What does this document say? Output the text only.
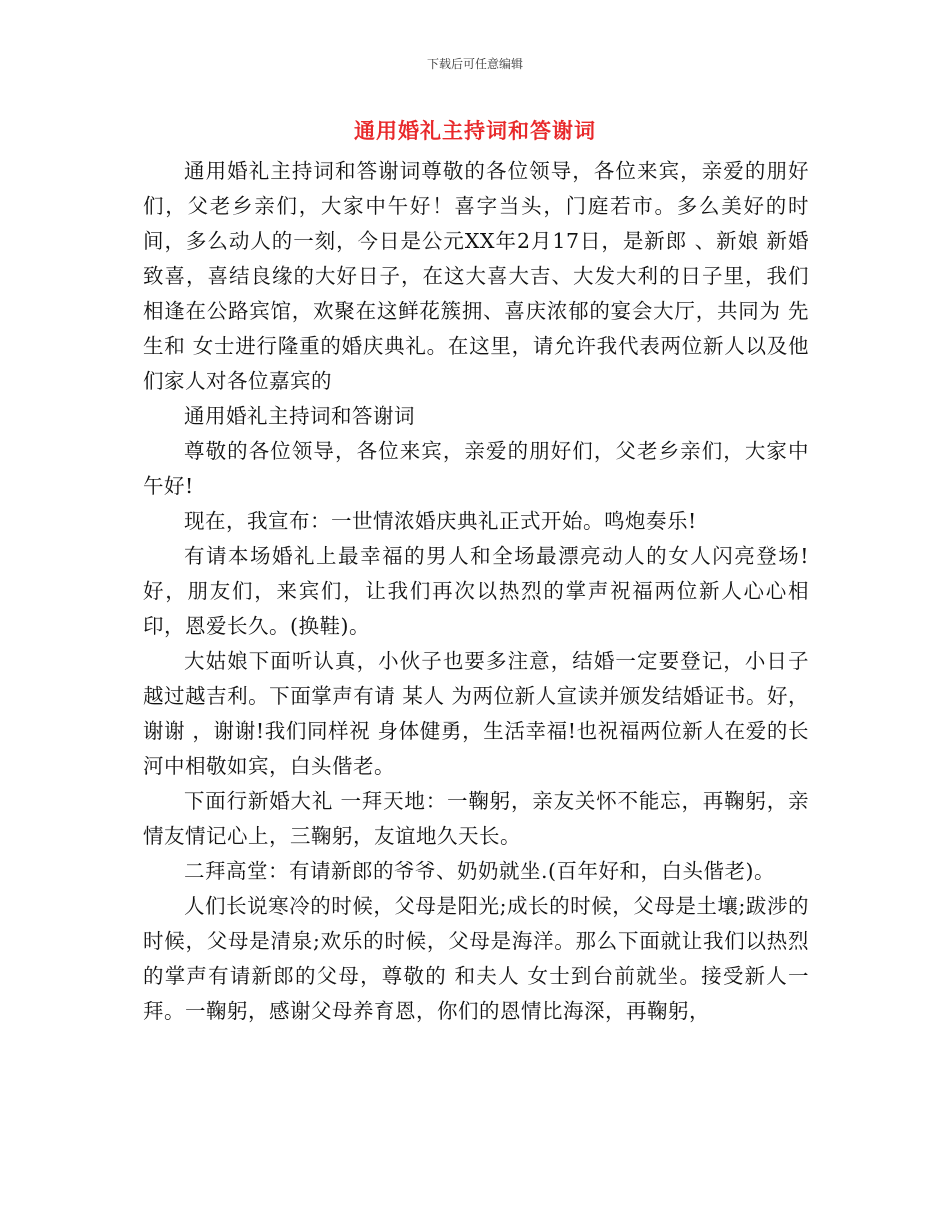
下载后可任意编辑
通用婚礼主持词和答谢词

通用婚礼主持词和答谢词尊敬的各位领导，各位来宾，亲爱的朋好们，父老乡亲们，大家中午好！喜字当头，门庭若市。多么美好的时间，多么动人的一刻，今日是公元XX年2月17日，是新郎 、新娘 新婚致喜，喜结良缘的大好日子，在这大喜大吉、大发大利的日子里，我们相逢在公路宾馆，欢聚在这鲜花簇拥、喜庆浓郁的宴会大厅，共同为 先生和 女士进行隆重的婚庆典礼。在这里，请允许我代表两位新人以及他们家人对各位嘉宾的

通用婚礼主持词和答谢词

尊敬的各位领导，各位来宾，亲爱的朋好们，父老乡亲们，大家中午好!

现在，我宣布：一世情浓婚庆典礼正式开始。鸣炮奏乐!

有请本场婚礼上最幸福的男人和全场最漂亮动人的女人闪亮登场!好，朋友们，来宾们，让我们再次以热烈的掌声祝福两位新人心心相印，恩爱长久。(换鞋)。

大姑娘下面听认真，小伙子也要多注意，结婚一定要登记，小日子越过越吉利。下面掌声有请 某人 为两位新人宣读并颁发结婚证书。好，谢谢 ，谢谢!我们同样祝 身体健勇，生活幸福!也祝福两位新人在爱的长河中相敬如宾，白头偕老。

下面行新婚大礼 一拜天地：一鞠躬，亲友关怀不能忘，再鞠躬，亲情友情记心上，三鞠躬，友谊地久天长。

二拜高堂：有请新郎的爷爷、奶奶就坐.(百年好和，白头偕老)。

人们长说寒冷的时候，父母是阳光;成长的时候，父母是土壤;跋涉的时候，父母是清泉;欢乐的时候，父母是海洋。那么下面就让我们以热烈的掌声有请新郎的父母，尊敬的 和夫人 女士到台前就坐。接受新人一拜。一鞠躬，感谢父母养育恩，你们的恩情比海深，再鞠躬，
